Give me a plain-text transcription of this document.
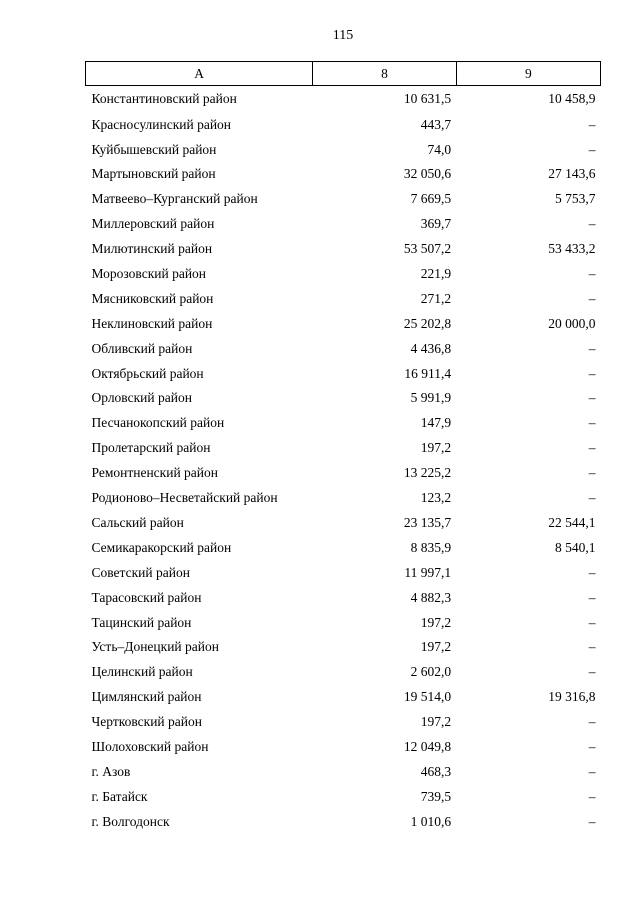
115
А	8	9
Константиновский район	10 631,5	10 458,9
Красносулинский район	443,7	–
Куйбышевский район	74,0	–
Мартыновский район	32 050,6	27 143,6
Матвеево–Курганский район	7 669,5	5 753,7
Миллеровский район	369,7	–
Милютинский район	53 507,2	53 433,2
Морозовский район	221,9	–
Мясниковский район	271,2	–
Неклиновский район	25 202,8	20 000,0
Обливский район	4 436,8	–
Октябрьский район	16 911,4	–
Орловский район	5 991,9	–
Песчанокопский район	147,9	–
Пролетарский район	197,2	–
Ремонтненский район	13 225,2	–
Родионово–Несветайский район	123,2	–
Сальский район	23 135,7	22 544,1
Семикаракорский район	8 835,9	8 540,1
Советский район	11 997,1	–
Тарасовский район	4 882,3	–
Тацинский район	197,2	–
Усть–Донецкий район	197,2	–
Целинский район	2 602,0	–
Цимлянский район	19 514,0	19 316,8
Чертковский район	197,2	–
Шолоховский район	12 049,8	–
г. Азов	468,3	–
г. Батайск	739,5	–
г. Волгодонск	1 010,6	–
